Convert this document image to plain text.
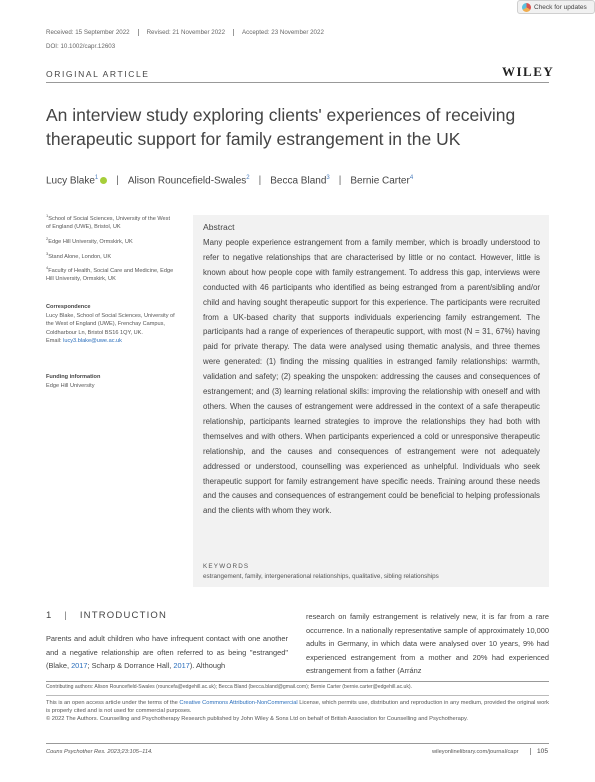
Check for updates
Received: 15 September 2022	Revised: 21 November 2022	Accepted: 23 November 2022
DOI: 10.1002/capr.12603
ORIGINAL ARTICLE	WILEY
An interview study exploring clients' experiences of receiving therapeutic support for family estrangement in the UK
Lucy Blake$^1$ | Alison Rouncefield-Swales$^2$ | Becca Bland$^3$ | Bernie Carter$^4$
$^1$School of Social Sciences, University of the West of England (UWE), Bristol, UK
$^2$Edge Hill University, Ormskirk, UK
$^3$Stand Alone, London, UK
$^4$Faculty of Health, Social Care and Medicine, Edge Hill University, Ormskirk, UK
Correspondence
Lucy Blake, School of Social Sciences, University of the West of England (UWE), Frenchay Campus, Coldharbour Ln, Bristol BS16 1QY, UK.
Email: lucy3.blake@uwe.ac.uk
Funding information
Edge Hill University
Abstract
Many people experience estrangement from a family member, which is broadly understood to refer to negative relationships that are characterised by little or no contact. However, little is known about how people cope with family estrangement. To address this gap, interviews were conducted with 46 participants who identified as being estranged from a parent/sibling and/or child and having sought therapeutic support for this experience. The participants were recruited from a UK-based charity that supports individuals experiencing family estrangement. The participants had a range of experiences of therapeutic support, with most (N = 31, 67%) having paid for private therapy. The data were analysed using thematic analysis, and three themes were generated: (1) finding the missing qualities in estranged family relationships: warmth, validation and safety; (2) speaking the unspoken: addressing the causes and consequences of estrangement; and (3) learning relational skills: improving the relationship with oneself and with others. When the causes of estrangement were addressed in the context of a safe therapeutic relationship, participants learned strategies to improve the relationships they had both with themselves and with others. When participants experienced a cold or unresponsive therapeutic relationship, and the causes and consequences of estrangement were not adequately addressed or understood, counselling was experienced as unhelpful. Individuals who seek therapeutic support for family estrangement have specific needs. Training around these needs and the causes and consequences of estrangement could be beneficial to helping professionals and the clients with whom they work.
KEYWORDS
estrangement, family, intergenerational relationships, qualitative, sibling relationships
1 | INTRODUCTION
Parents and adult children who have infrequent contact with one another and a negative relationship are often referred to as being "estranged" (Blake, 2017; Scharp & Dorrance Hall, 2017). Although
research on family estrangement is relatively new, it is far from a rare occurrence. In a nationally representative sample of approximately 10,000 adults in Germany, in which data were analysed over 10 years, 9% had experienced estrangement from a mother and 20% had experienced estrangement from a father (Arránz
Contributing authors: Alison Rouncefield-Swales (rouncefa@edgehill.ac.uk); Becca Bland (becca.bland@gmail.com); Bernie Carter (bernie.carter@edgehill.ac.uk).
This is an open access article under the terms of the Creative Commons Attribution-NonCommercial License, which permits use, distribution and reproduction in any medium, provided the original work is properly cited and is not used for commercial purposes.
© 2022 The Authors. Counselling and Psychotherapy Research published by John Wiley & Sons Ltd on behalf of British Association for Counselling and Psychotherapy.
Couns Psychother Res. 2023;23:105–114.	wileyonlinelibrary.com/journal/capr	105
